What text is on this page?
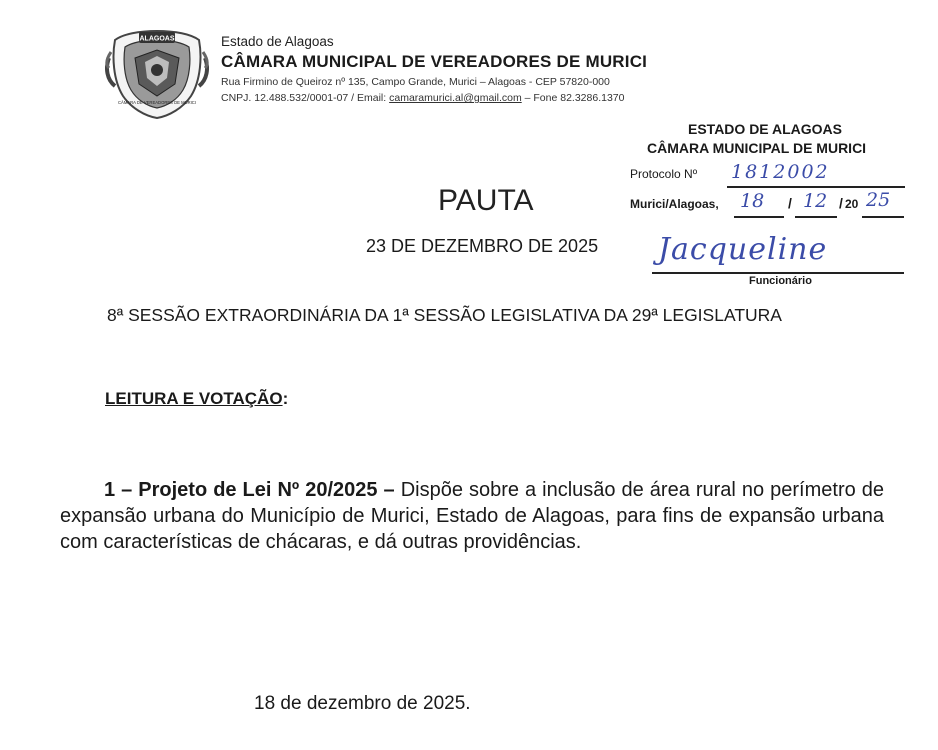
ALAGOAS
CÂMARA DE VEREADORES DE MURICI
Estado de Alagoas
CÂMARA MUNICIPAL DE VEREADORES DE MURICI
Rua Firmino de Queiroz nº 135, Campo Grande, Murici – Alagoas - CEP 57820-000
CNPJ. 12.488.532/0001-07 / Email: camaramurici.al@gmail.com – Fone 82.3286.1370
ESTADO DE ALAGOAS
CÂMARA MUNICIPAL DE MURICI
Protocolo Nº 1812002
Murici/Alagoas, 18 / 12 / 20 25
Jacqueline
Funcionário
PAUTA
23 DE DEZEMBRO DE 2025
8ª SESSÃO EXTRAORDINÁRIA DA 1ª SESSÃO LEGISLATIVA DA 29ª LEGISLATURA
LEITURA E VOTAÇÃO:
1 – Projeto de Lei Nº 20/2025 – Dispõe sobre a inclusão de área rural no perímetro de expansão urbana do Município de Murici, Estado de Alagoas, para fins de expansão urbana com características de chácaras, e dá outras providências.
18 de dezembro de 2025.
